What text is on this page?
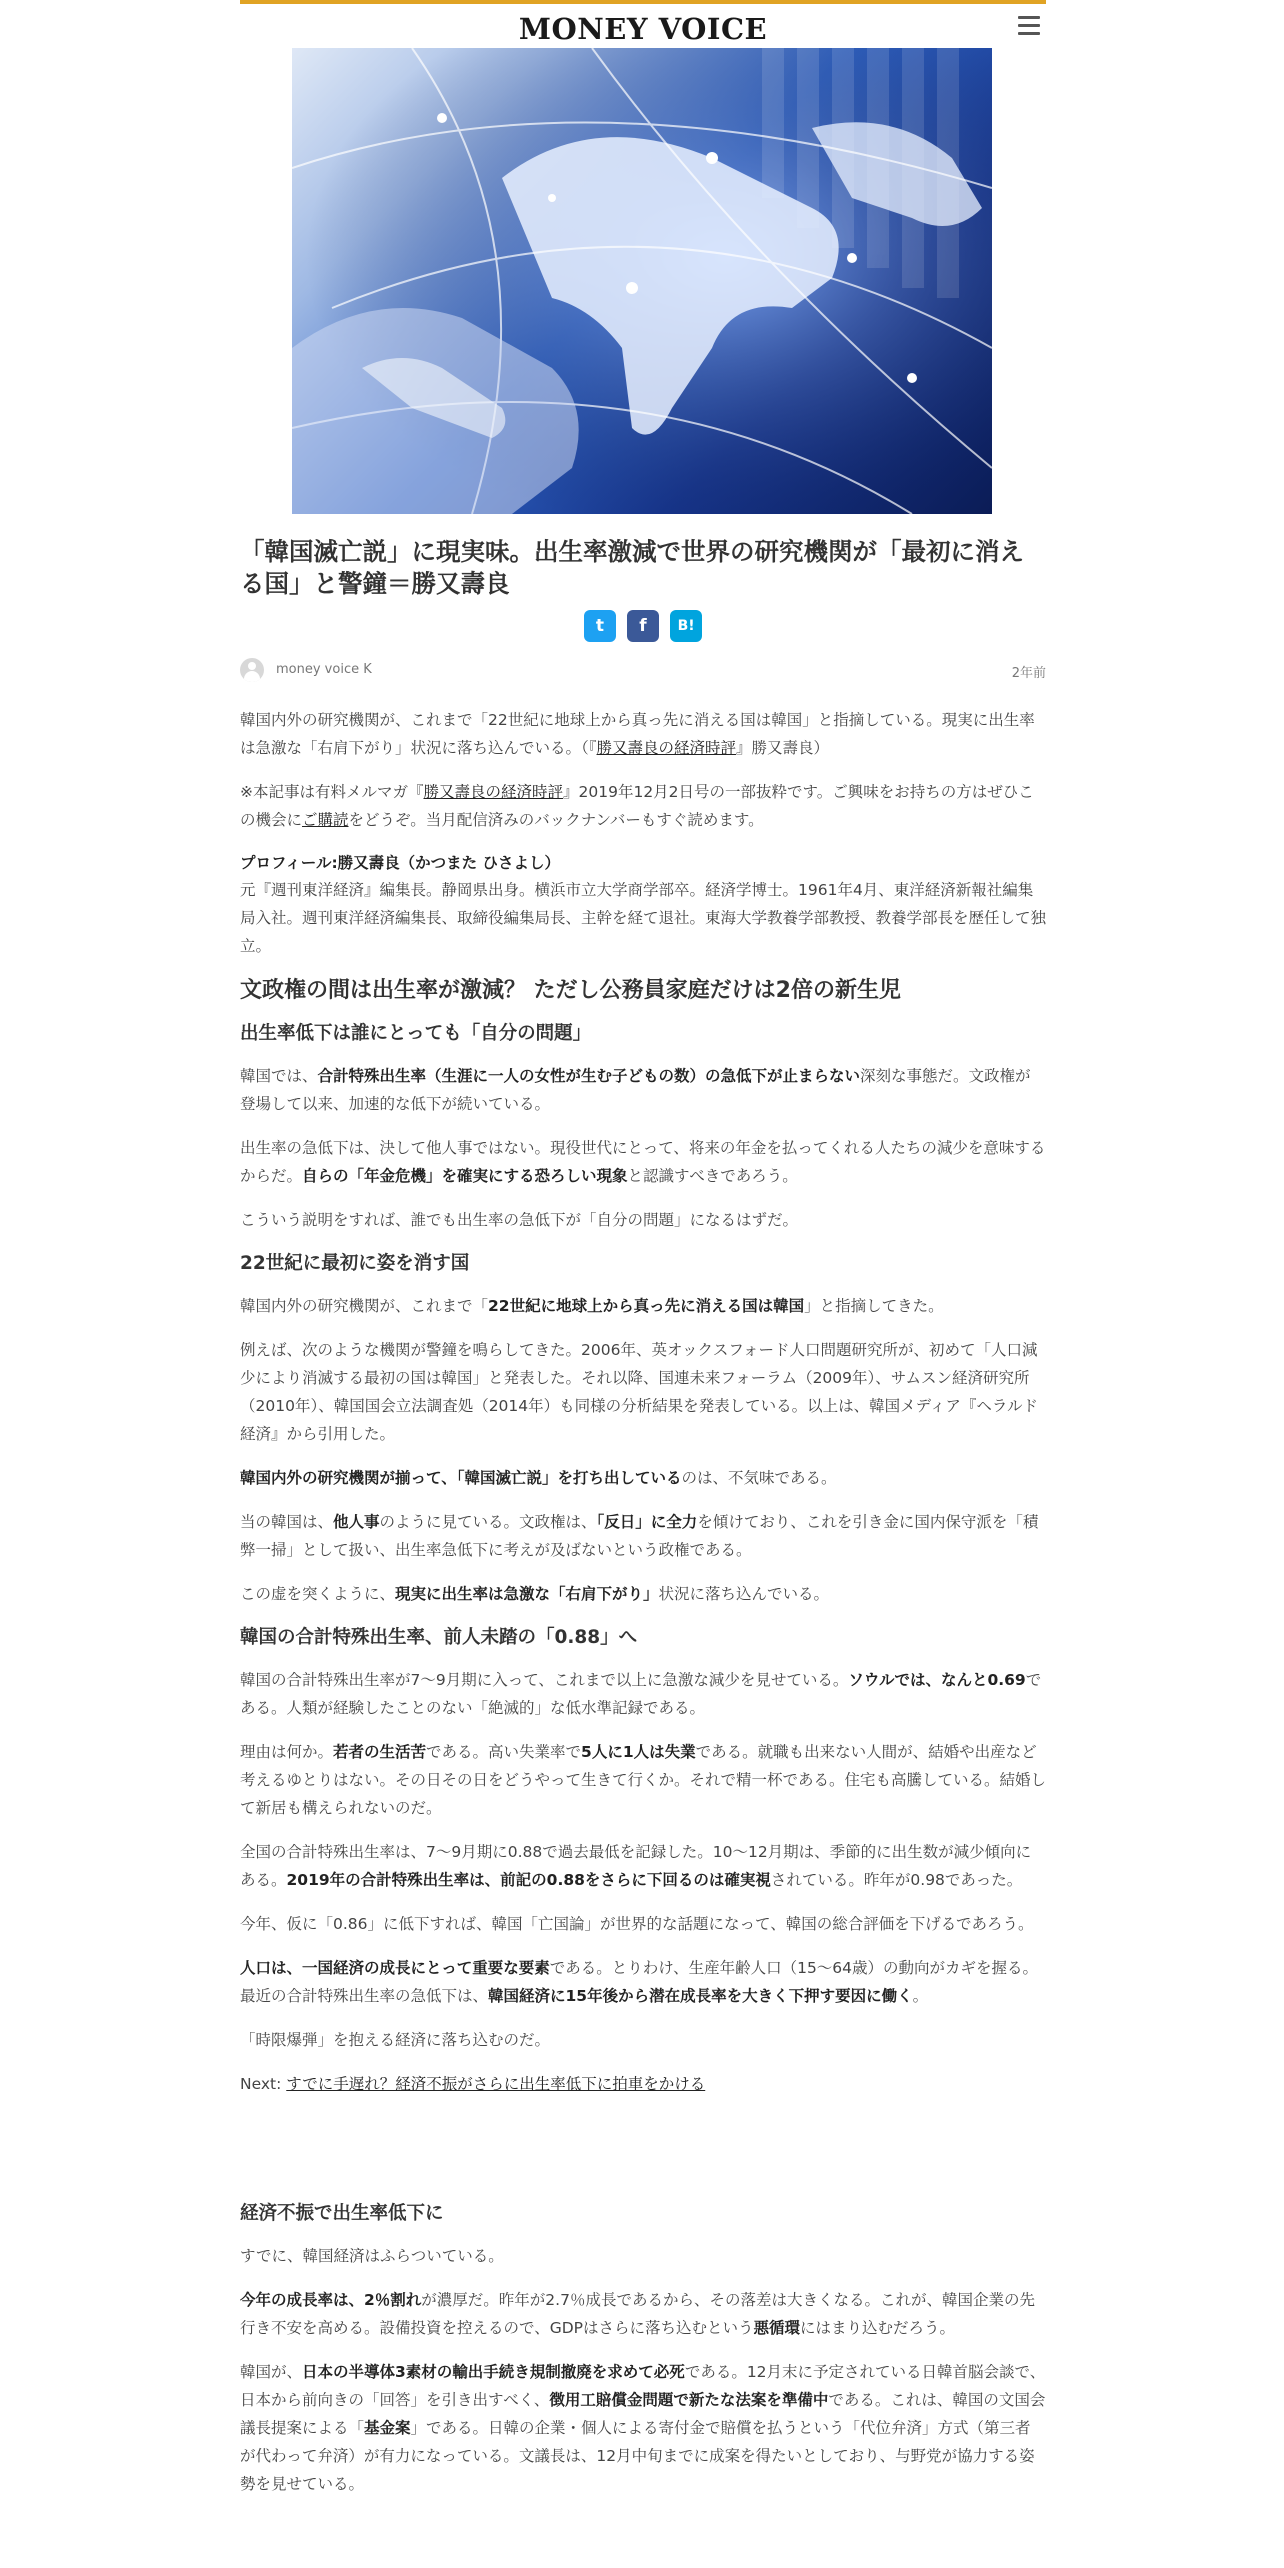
MONEY VOICE
「韓国滅亡説」に現実味。出生率激減で世界の研究機関が「最初に消える国」と警鐘＝勝又壽良
t f B!
money voice K	2年前

韓国内外の研究機関が、これまで「22世紀に地球上から真っ先に消える国は韓国」と指摘している。現実に出生率は急激な「右肩下がり」状況に落ち込んでいる。（『勝又壽良の経済時評』勝又壽良）

※本記事は有料メルマガ『勝又壽良の経済時評』2019年12月2日号の一部抜粋です。ご興味をお持ちの方はぜひこの機会にご購読をどうぞ。当月配信済みのバックナンバーもすぐ読めます。

プロフィール:勝又壽良（かつまた ひさよし）

元『週刊東洋経済』編集長。静岡県出身。横浜市立大学商学部卒。経済学博士。1961年4月、東洋経済新報社編集局入社。週刊東洋経済編集長、取締役編集局長、主幹を経て退社。東海大学教養学部教授、教養学部長を歴任して独立。

文政権の間は出生率が激減？ ただし公務員家庭だけは2倍の新生児
出生率低下は誰にとっても「自分の問題」

韓国では、合計特殊出生率（生涯に一人の女性が生む子どもの数）の急低下が止まらない深刻な事態だ。文政権が登場して以来、加速的な低下が続いている。

出生率の急低下は、決して他人事ではない。現役世代にとって、将来の年金を払ってくれる人たちの減少を意味するからだ。自らの「年金危機」を確実にする恐ろしい現象と認識すべきであろう。

こういう説明をすれば、誰でも出生率の急低下が「自分の問題」になるはずだ。

22世紀に最初に姿を消す国

韓国内外の研究機関が、これまで「22世紀に地球上から真っ先に消える国は韓国」と指摘してきた。

例えば、次のような機関が警鐘を鳴らしてきた。2006年、英オックスフォード人口問題研究所が、初めて「人口減少により消滅する最初の国は韓国」と発表した。それ以降、国連未来フォーラム（2009年）、サムスン経済研究所（2010年）、韓国国会立法調査処（2014年）も同様の分析結果を発表している。以上は、韓国メディア『ヘラルド経済』から引用した。

韓国内外の研究機関が揃って、「韓国滅亡説」を打ち出しているのは、不気味である。

当の韓国は、他人事のように見ている。文政権は、「反日」に全力を傾けており、これを引き金に国内保守派を「積弊一掃」として扱い、出生率急低下に考えが及ばないという政権である。

この虚を突くように、現実に出生率は急激な「右肩下がり」状況に落ち込んでいる。

韓国の合計特殊出生率、前人未踏の「0.88」へ

韓国の合計特殊出生率が7～9月期に入って、これまで以上に急激な減少を見せている。ソウルでは、なんと0.69である。人類が経験したことのない「絶滅的」な低水準記録である。

理由は何か。若者の生活苦である。高い失業率で5人に1人は失業である。就職も出来ない人間が、結婚や出産など考えるゆとりはない。その日その日をどうやって生きて行くか。それで精一杯である。住宅も高騰している。結婚して新居も構えられないのだ。

全国の合計特殊出生率は、7～9月期に0.88で過去最低を記録した。10～12月期は、季節的に出生数が減少傾向にある。2019年の合計特殊出生率は、前記の0.88をさらに下回るのは確実視されている。昨年が0.98であった。

今年、仮に「0.86」に低下すれば、韓国「亡国論」が世界的な話題になって、韓国の総合評価を下げるであろう。

人口は、一国経済の成長にとって重要な要素である。とりわけ、生産年齢人口（15～64歳）の動向がカギを握る。最近の合計特殊出生率の急低下は、韓国経済に15年後から潜在成長率を大きく下押す要因に働く。

「時限爆弾」を抱える経済に落ち込むのだ。

Next: すでに手遅れ？経済不振がさらに出生率低下に拍車をかける

経済不振で出生率低下に

すでに、韓国経済はふらついている。

今年の成長率は、2％割れが濃厚だ。昨年が2.7％成長であるから、その落差は大きくなる。これが、韓国企業の先行き不安を高める。設備投資を控えるので、GDPはさらに落ち込むという悪循環にはまり込むだろう。

韓国が、日本の半導体3素材の輸出手続き規制撤廃を求めて必死である。12月末に予定されている日韓首脳会談で、日本から前向きの「回答」を引き出すべく、徴用工賠償金問題で新たな法案を準備中である。これは、韓国の文国会議長提案による「基金案」である。日韓の企業・個人による寄付金で賠償を払うという「代位弁済」方式（第三者が代わって弁済）が有力になっている。文議長は、12月中旬までに成案を得たいとしており、与野党が協力する姿勢を見せている。
